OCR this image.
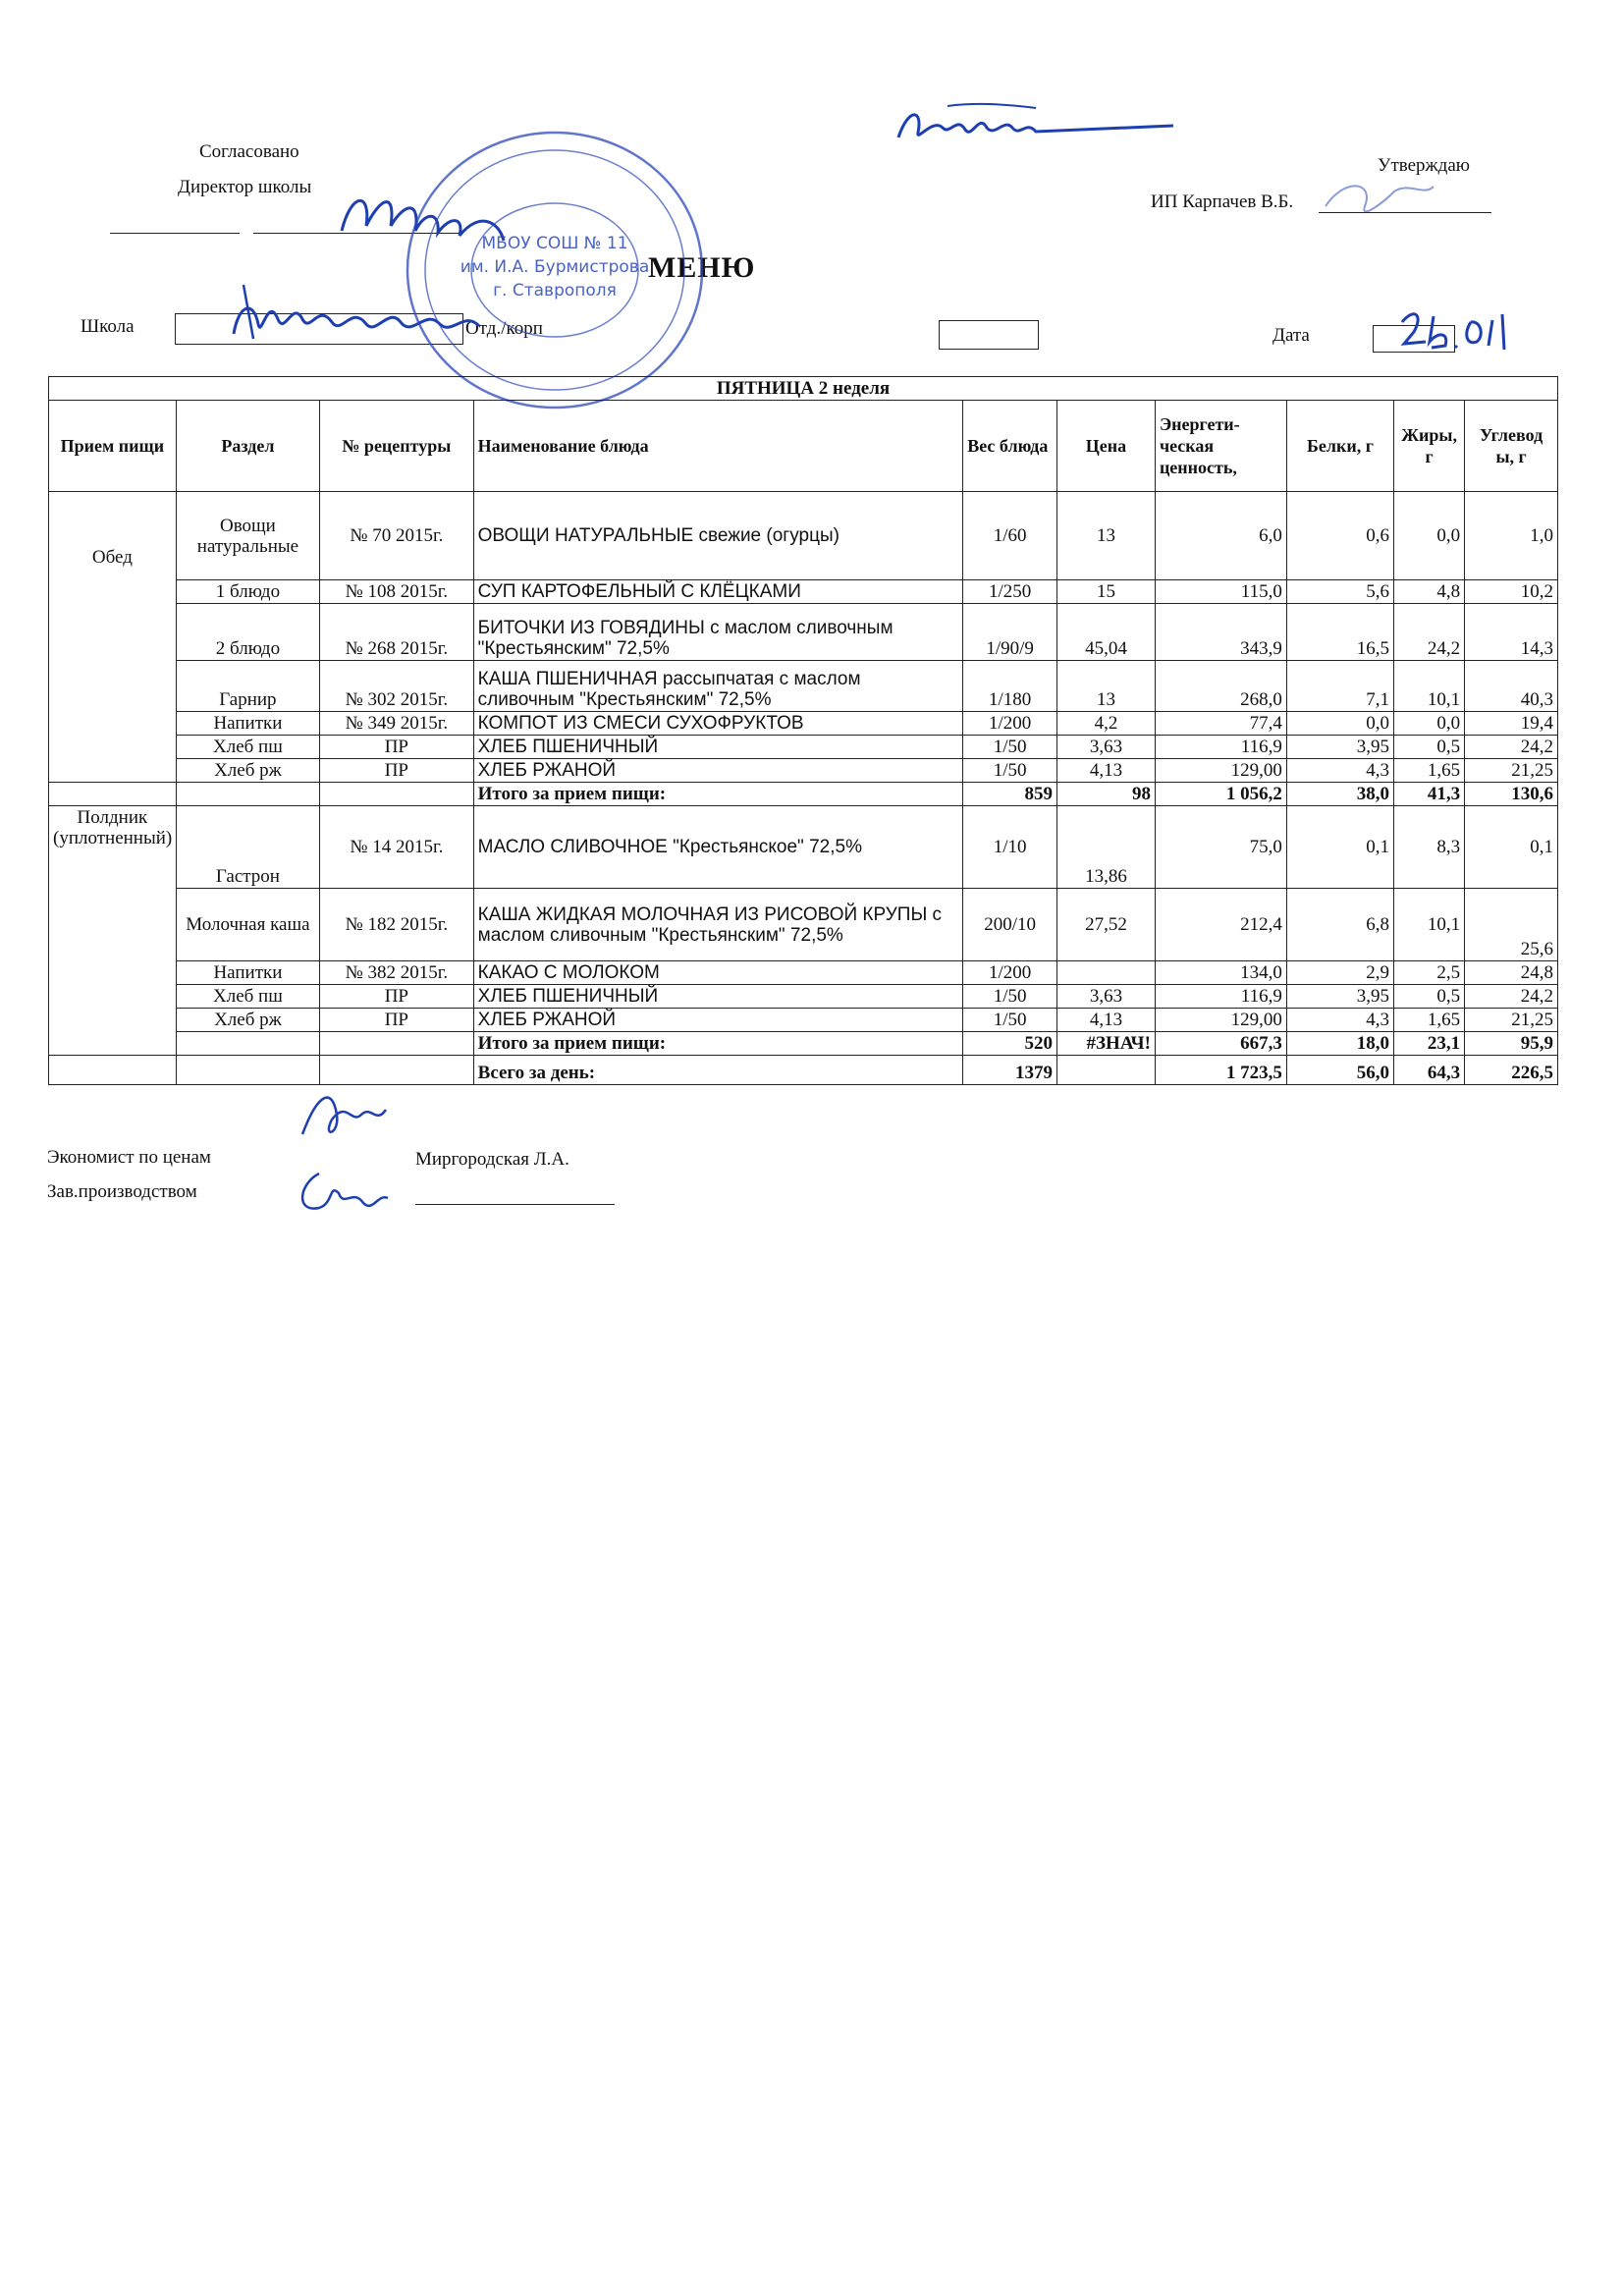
Согласовано
Директор школы
Утверждаю
ИП Карпачев В.Б.
МЕНЮ
Школа	Отд./корп	Дата
МБОУ СОШ № 11
им. И.А. Бурмистрова
г. Ставрополя
ПЯТНИЦА 2 неделя									
Прием пищи	Раздел	№ рецептуры	Наименование блюда	Вес блюда	Цена	Энергети-ческая ценность,	Белки, г	Жиры, г	Углевод ы, г
Обед	Овощи натуральные	№ 70 2015г.	ОВОЩИ НАТУРАЛЬНЫЕ свежие (огурцы)	1/60	13	6,0	0,6	0,0	1,0
	1 блюдо	№ 108 2015г.	СУП КАРТОФЕЛЬНЫЙ С КЛЁЦКАМИ	1/250	15	115,0	5,6	4,8	10,2
	2 блюдо	№ 268 2015г.	БИТОЧКИ ИЗ ГОВЯДИНЫ с маслом сливочным "Крестьянским" 72,5%	1/90/9	45,04	343,9	16,5	24,2	14,3
	Гарнир	№ 302 2015г.	КАША ПШЕНИЧНАЯ рассыпчатая с маслом сливочным "Крестьянским" 72,5%	1/180	13	268,0	7,1	10,1	40,3
	Напитки	№ 349 2015г.	КОМПОТ ИЗ СМЕСИ СУХОФРУКТОВ	1/200	4,2	77,4	0,0	0,0	19,4
	Хлеб пш	ПР	ХЛЕБ ПШЕНИЧНЫЙ	1/50	3,63	116,9	3,95	0,5	24,2
	Хлеб рж	ПР	ХЛЕБ РЖАНОЙ	1/50	4,13	129,00	4,3	1,65	21,25
			Итого за прием пищи:	859	98	1 056,2	38,0	41,3	130,6
Полдник (уплотненный)	Гастрон	№ 14 2015г.	МАСЛО СЛИВОЧНОЕ "Крестьянское" 72,5%	1/10	13,86	75,0	0,1	8,3	0,1
	Молочная каша	№ 182 2015г.	КАША ЖИДКАЯ МОЛОЧНАЯ ИЗ РИСОВОЙ КРУПЫ с маслом сливочным "Крестьянским" 72,5%	200/10	27,52	212,4	6,8	10,1	25,6
	Напитки	№ 382 2015г.	КАКАО С МОЛОКОМ	1/200		134,0	2,9	2,5	24,8
	Хлеб пш	ПР	ХЛЕБ ПШЕНИЧНЫЙ	1/50	3,63	116,9	3,95	0,5	24,2
	Хлеб рж	ПР	ХЛЕБ РЖАНОЙ	1/50	4,13	129,00	4,3	1,65	21,25
			Итого за прием пищи:	520	#ЗНАЧ!	667,3	18,0	23,1	95,9
			Всего за день:	1379		1 723,5	56,0	64,3	226,5
Экономист по ценам	Миргородская Л.А.
Зав.производством
